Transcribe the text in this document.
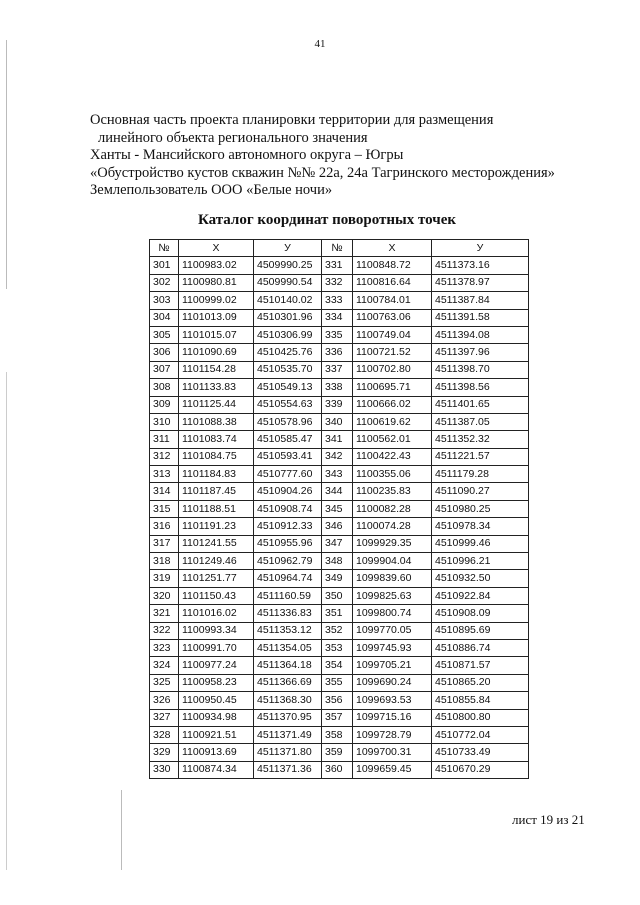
41
Основная часть проекта планировки территории для размещения
линейного объекта регионального значения
Ханты - Мансийского автономного округа – Югры
«Обустройство кустов скважин №№ 22а, 24а Тагринского месторождения»
Землепользователь ООО «Белые ночи»
Каталог координат поворотных точек
№	X	У	№	X	У
301	1100983.02	4509990.25	331	1100848.72	4511373.16
302	1100980.81	4509990.54	332	1100816.64	4511378.97
303	1100999.02	4510140.02	333	1100784.01	4511387.84
304	1101013.09	4510301.96	334	1100763.06	4511391.58
305	1101015.07	4510306.99	335	1100749.04	4511394.08
306	1101090.69	4510425.76	336	1100721.52	4511397.96
307	1101154.28	4510535.70	337	1100702.80	4511398.70
308	1101133.83	4510549.13	338	1100695.71	4511398.56
309	1101125.44	4510554.63	339	1100666.02	4511401.65
310	1101088.38	4510578.96	340	1100619.62	4511387.05
311	1101083.74	4510585.47	341	1100562.01	4511352.32
312	1101084.75	4510593.41	342	1100422.43	4511221.57
313	1101184.83	4510777.60	343	1100355.06	4511179.28
314	1101187.45	4510904.26	344	1100235.83	4511090.27
315	1101188.51	4510908.74	345	1100082.28	4510980.25
316	1101191.23	4510912.33	346	1100074.28	4510978.34
317	1101241.55	4510955.96	347	1099929.35	4510999.46
318	1101249.46	4510962.79	348	1099904.04	4510996.21
319	1101251.77	4510964.74	349	1099839.60	4510932.50
320	1101150.43	4511160.59	350	1099825.63	4510922.84
321	1101016.02	4511336.83	351	1099800.74	4510908.09
322	1100993.34	4511353.12	352	1099770.05	4510895.69
323	1100991.70	4511354.05	353	1099745.93	4510886.74
324	1100977.24	4511364.18	354	1099705.21	4510871.57
325	1100958.23	4511366.69	355	1099690.24	4510865.20
326	1100950.45	4511368.30	356	1099693.53	4510855.84
327	1100934.98	4511370.95	357	1099715.16	4510800.80
328	1100921.51	4511371.49	358	1099728.79	4510772.04
329	1100913.69	4511371.80	359	1099700.31	4510733.49
330	1100874.34	4511371.36	360	1099659.45	4510670.29
лист 19 из 21
